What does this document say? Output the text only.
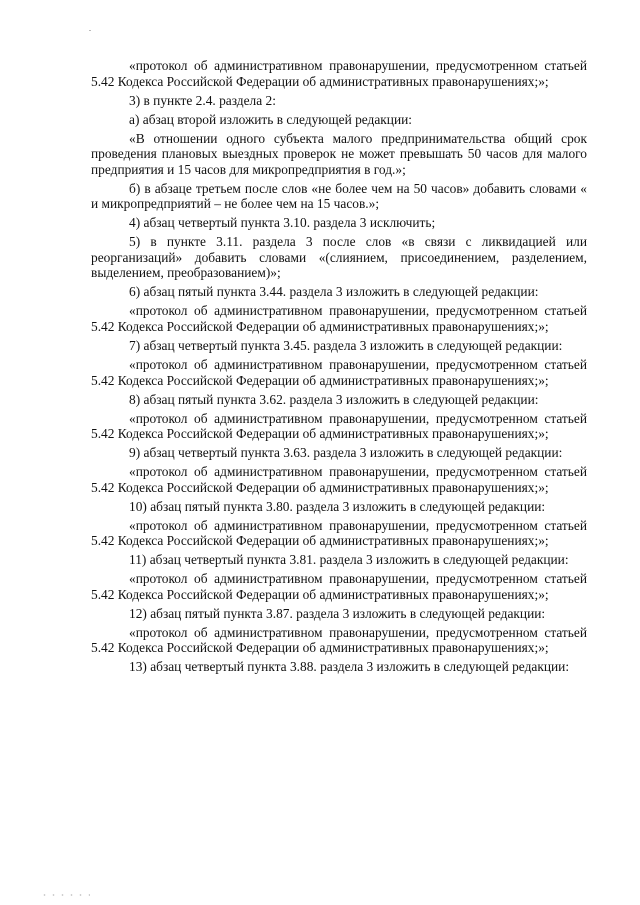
«протокол об административном правонарушении, предусмотренном статьей 5.42 Кодекса Российской Федерации об административных правонарушениях;»;

3) в пункте 2.4. раздела 2:

а) абзац второй изложить в следующей редакции:

«В отношении одного субъекта малого предпринимательства общий срок проведения плановых выездных проверок не может превышать 50 часов для малого предприятия и 15 часов для микропредприятия в год.»;

б) в абзаце третьем после слов «не более чем на 50 часов» добавить словами « и микропредприятий – не более чем на 15 часов.»;

4) абзац четвертый пункта 3.10. раздела 3 исключить;

5) в пункте 3.11. раздела 3 после слов «в связи с ликвидацией или реорганизаций» добавить словами «(слиянием, присоединением, разделением, выделением, преобразованием)»;

6) абзац пятый пункта 3.44. раздела 3 изложить в следующей редакции:

«протокол об административном правонарушении, предусмотренном статьей 5.42 Кодекса Российской Федерации об административных правонарушениях;»;

7) абзац четвертый пункта 3.45. раздела 3 изложить в следующей редакции:

«протокол об административном правонарушении, предусмотренном статьей 5.42 Кодекса Российской Федерации об административных правонарушениях;»;

8) абзац пятый пункта 3.62. раздела 3 изложить в следующей редакции:

«протокол об административном правонарушении, предусмотренном статьей 5.42 Кодекса Российской Федерации об административных правонарушениях;»;

9) абзац четвертый пункта 3.63. раздела 3 изложить в следующей редакции:

«протокол об административном правонарушении, предусмотренном статьей 5.42 Кодекса Российской Федерации об административных правонарушениях;»;

10) абзац пятый пункта 3.80. раздела 3 изложить в следующей редакции:

«протокол об административном правонарушении, предусмотренном статьей 5.42 Кодекса Российской Федерации об административных правонарушениях;»;

11) абзац четвертый пункта 3.81. раздела 3 изложить в следующей редакции:

«протокол об административном правонарушении, предусмотренном статьей 5.42 Кодекса Российской Федерации об административных правонарушениях;»;

12) абзац пятый пункта 3.87. раздела 3 изложить в следующей редакции:

«протокол об административном правонарушении, предусмотренном статьей 5.42 Кодекса Российской Федерации об административных правонарушениях;»;

13) абзац четвертый пункта 3.88. раздела 3 изложить в следующей редакции:
